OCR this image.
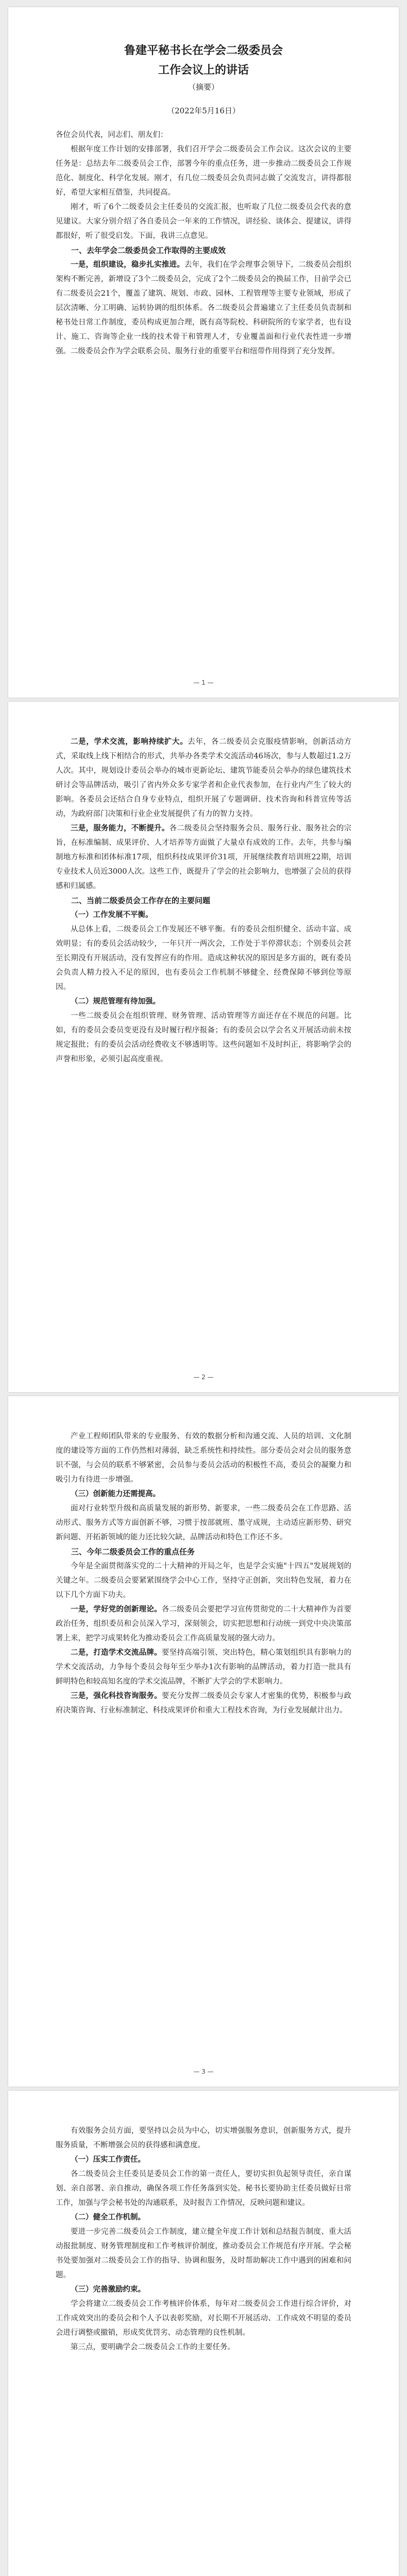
鲁建平秘书长在学会二级委员会
工作会议上的讲话
（摘要）
（2022年5月16日）

各位会员代表，同志们、朋友们：

根据年度工作计划的安排部署，我们召开学会二级委员会工作会议。这次会议的主要任务是：总结去年二级委员会工作，部署今年的重点任务，进一步推动二级委员会工作规范化、制度化、科学化发展。刚才，有几位二级委员会负责同志做了交流发言，讲得都很好，希望大家相互借鉴，共同提高。

刚才，听了6个二级委员会主任委员的交流汇报，也听取了几位二级委员会代表的意见建议。大家分别介绍了各自委员会一年来的工作情况，讲经验、谈体会、提建议，讲得都很好，听了很受启发。下面，我讲三点意见。

一、去年学会二级委员会工作取得的主要成效

一是，组织建设，稳步扎实推进。去年，我们在学会理事会领导下，二级委员会组织架构不断完善，新增设了3个二级委员会，完成了2个二级委员会的换届工作，目前学会已有二级委员会21个，覆盖了建筑、规划、市政、园林、工程管理等主要专业领域，形成了层次清晰、分工明确、运转协调的组织体系。各二级委员会普遍建立了主任委员负责制和秘书处日常工作制度，委员构成更加合理，既有高等院校、科研院所的专家学者，也有设计、施工、咨询等企业一线的技术骨干和管理人才，专业覆盖面和行业代表性进一步增强。二级委员会作为学会联系会员、服务行业的重要平台和纽带作用得到了充分发挥。

— 1 —

二是，学术交流，影响持续扩大。去年，各二级委员会克服疫情影响，创新活动方式，采取线上线下相结合的形式，共举办各类学术交流活动46场次，参与人数超过1.2万人次。其中，规划设计委员会举办的城市更新论坛、建筑节能委员会举办的绿色建筑技术研讨会等品牌活动，吸引了省内外众多专家学者和企业代表参加，在行业内产生了较大的影响。各委员会还结合自身专业特点，组织开展了专题调研、技术咨询和科普宣传等活动，为政府部门决策和行业企业发展提供了有力的智力支持。

三是，服务能力，不断提升。各二级委员会坚持服务会员、服务行业、服务社会的宗旨，在标准编制、成果评价、人才培养等方面做了大量卓有成效的工作。去年，共参与编制地方标准和团体标准17项，组织科技成果评价31项，开展继续教育培训班22期，培训专业技术人员近3000人次。这些工作，既提升了学会的社会影响力，也增强了会员的获得感和归属感。

二、当前二级委员会工作存在的主要问题
（一）工作发展不平衡。

从总体上看，二级委员会工作发展还不够平衡。有的委员会组织健全、活动丰富、成效明显；有的委员会活动较少，一年只开一两次会，工作处于半停滞状态；个别委员会甚至长期没有开展活动，没有发挥应有的作用。造成这种状况的原因是多方面的，既有委员会负责人精力投入不足的原因，也有委员会工作机制不够健全、经费保障不够到位等原因。

（二）规范管理有待加强。

一些二级委员会在组织管理、财务管理、活动管理等方面还存在不规范的问题。比如，有的委员会委员变更没有及时履行程序报备；有的委员会以学会名义开展活动前未按规定报批；有的委员会活动经费收支不够透明等。这些问题如不及时纠正，将影响学会的声誉和形象，必须引起高度重视。

— 2 —

产业工程师团队带来的专业服务、有效的数据分析和沟通交流、人员的培训、文化制度的建设等方面的工作仍然相对薄弱，缺乏系统性和持续性。部分委员会对会员的服务意识不强，与会员的联系不够紧密，会员参与委员会活动的积极性不高，委员会的凝聚力和吸引力有待进一步增强。

（三）创新能力还需提高。

面对行业转型升级和高质量发展的新形势、新要求，一些二级委员会在工作思路、活动形式、服务方式等方面创新不够，习惯于按部就班、墨守成规，主动适应新形势、研究新问题、开拓新领域的能力还比较欠缺，品牌活动和特色工作还不多。

三、今年二级委员会工作的重点任务

今年是全面贯彻落实党的二十大精神的开局之年，也是学会实施"十四五"发展规划的关键之年。二级委员会要紧紧围绕学会中心工作，坚持守正创新，突出特色发展，着力在以下几个方面下功夫。

一是，学好党的创新理论。各二级委员会要把学习宣传贯彻党的二十大精神作为首要政治任务，组织委员和会员深入学习，深刻领会，切实把思想和行动统一到党中央决策部署上来，把学习成果转化为推动委员会工作高质量发展的强大动力。

二是，打造学术交流品牌。要坚持高端引领、突出特色，精心策划组织具有影响力的学术交流活动，力争每个委员会每年至少举办1次有影响的品牌活动，着力打造一批具有鲜明特色和较高知名度的学术交流品牌，不断扩大学会的学术影响力。

三是，强化科技咨询服务。要充分发挥二级委员会专家人才密集的优势，积极参与政府决策咨询、行业标准制定、科技成果评价和重大工程技术咨询，为行业发展献计出力。

— 3 —

有效服务会员方面，要坚持以会员为中心，切实增强服务意识，创新服务方式，提升服务质量，不断增强会员的获得感和满意度。

（一）压实工作责任。

各二级委员会主任委员是委员会工作的第一责任人，要切实担负起领导责任，亲自谋划、亲自部署、亲自推动，确保各项工作任务落到实处。秘书长要协助主任委员做好日常工作，加强与学会秘书处的沟通联系，及时报告工作情况，反映问题和建议。

（二）健全工作机制。

要进一步完善二级委员会工作制度，建立健全年度工作计划和总结报告制度、重大活动报批制度、财务管理制度和工作考核评价制度，推动委员会工作规范有序开展。学会秘书处要加强对二级委员会工作的指导、协调和服务，及时帮助解决工作中遇到的困难和问题。

（三）完善激励约束。

学会将建立二级委员会工作考核评价体系，每年对二级委员会工作进行综合评价，对工作成效突出的委员会和个人予以表彰奖励，对长期不开展活动、工作成效不明显的委员会进行调整或撤销，形成奖优罚劣、动态管理的良性机制。

第三点，要明确学会二级委员会工作的主要任务。
